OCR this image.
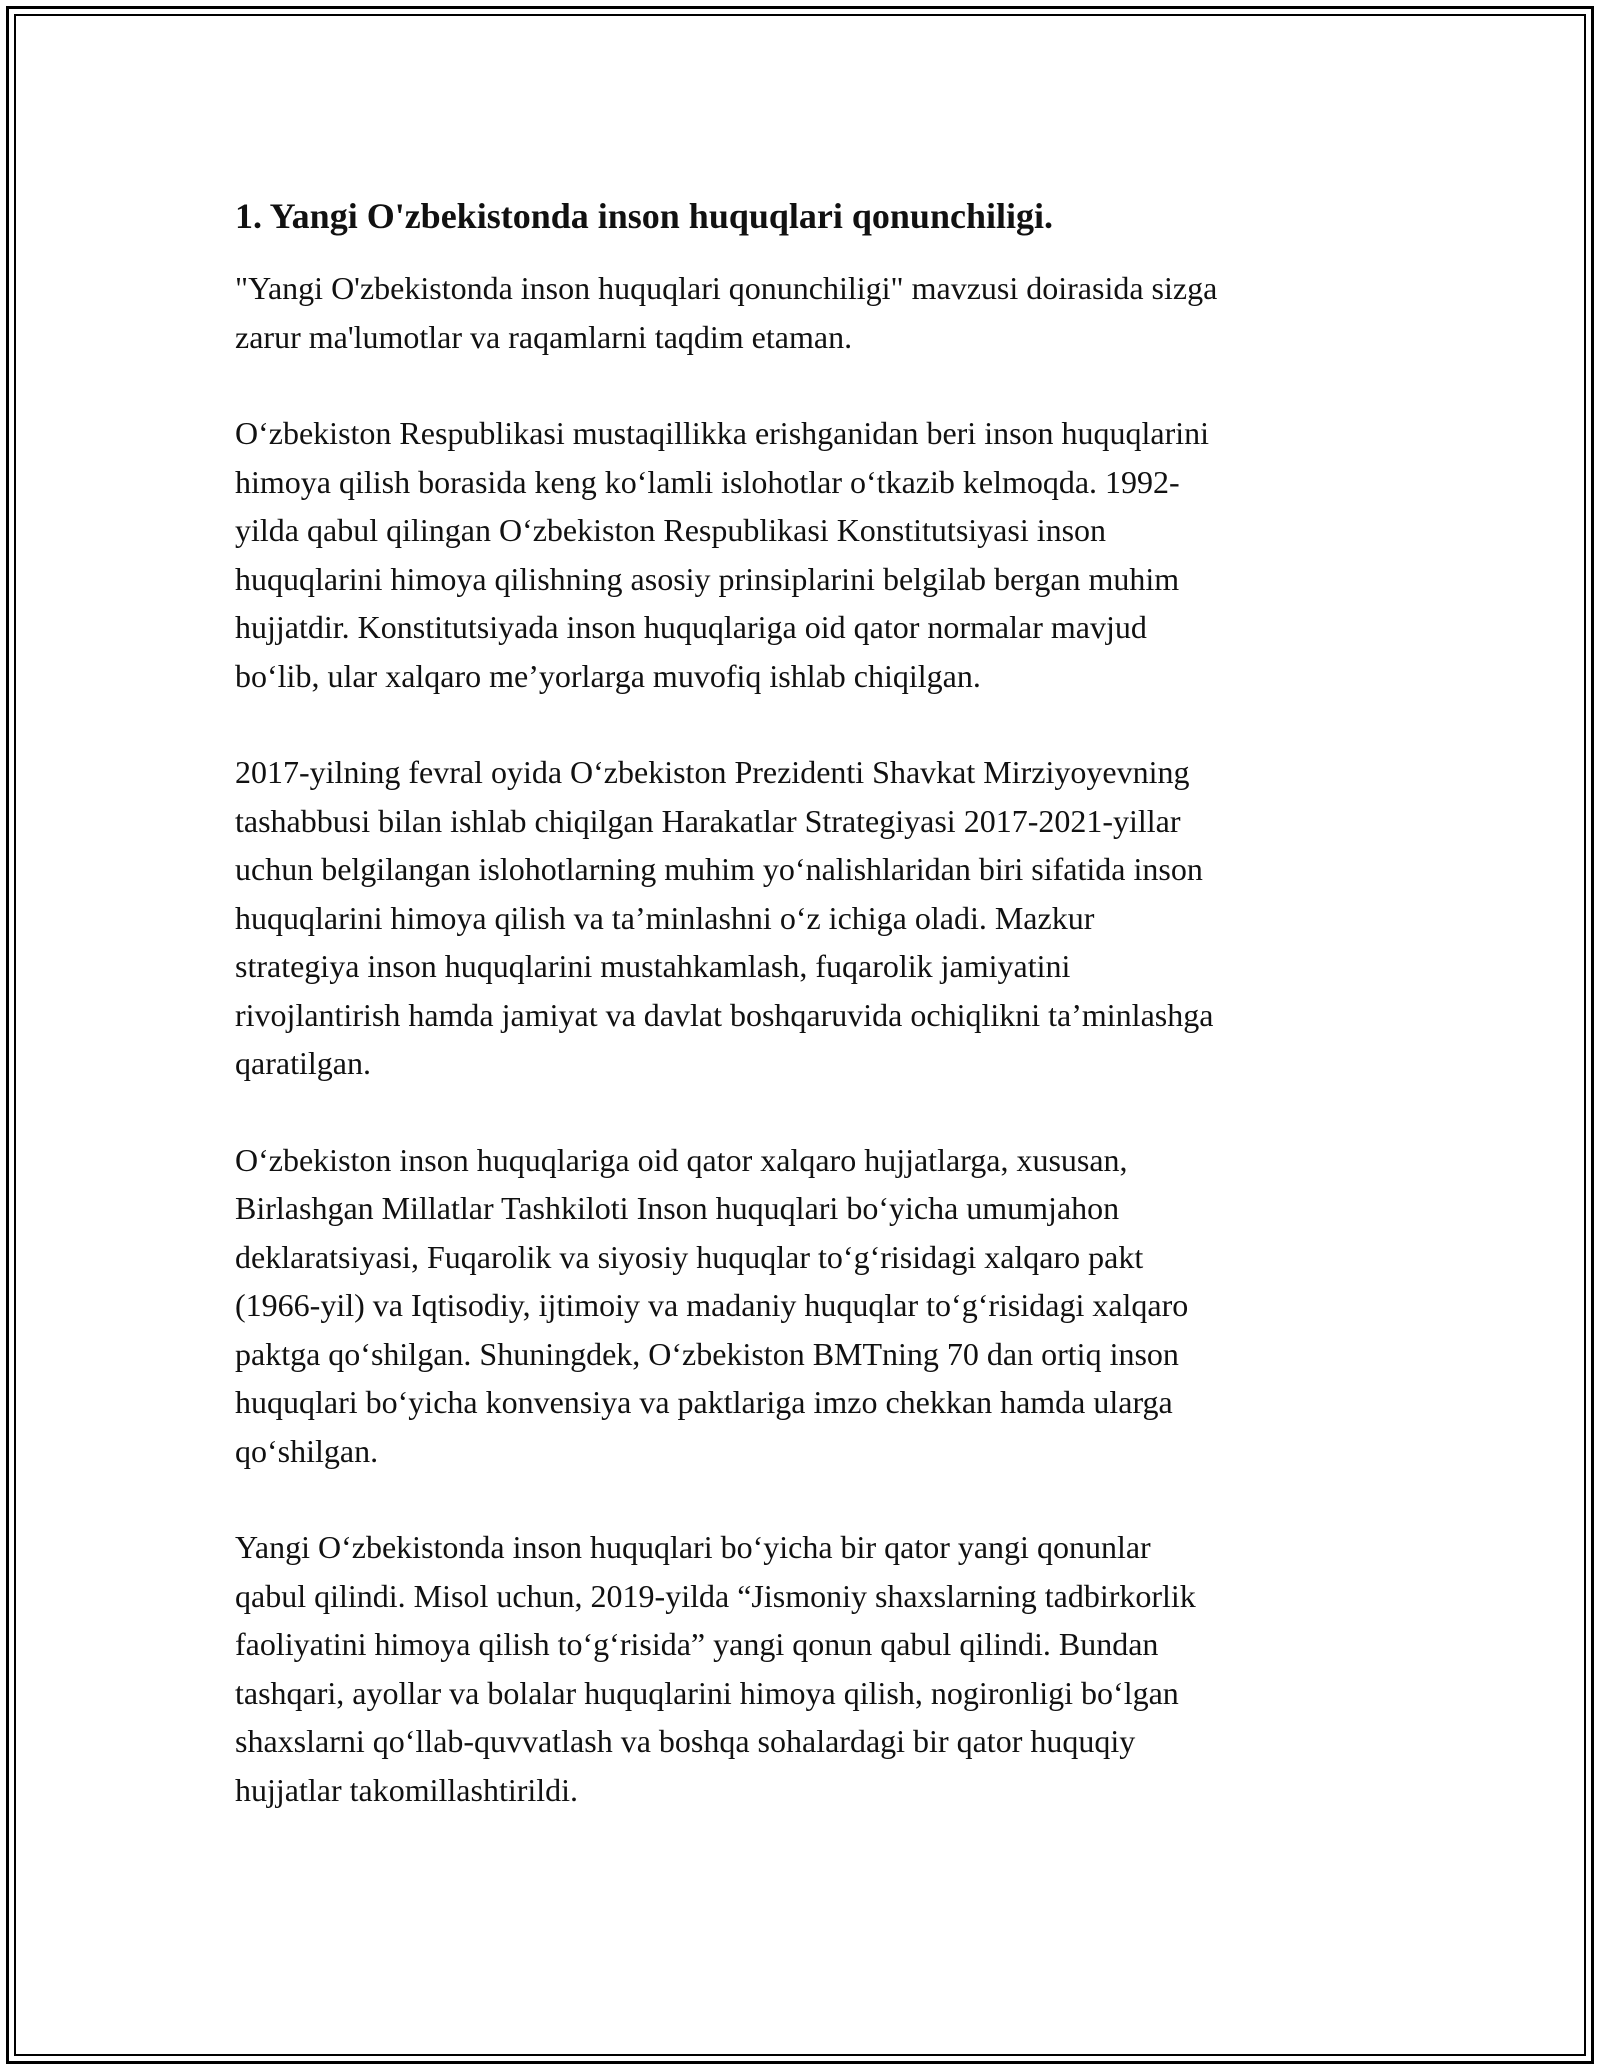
1. Yangi O'zbekistonda inson huquqlari qonunchiligi.

"Yangi O'zbekistonda inson huquqlari qonunchiligi" mavzusi doirasida sizga
zarur ma'lumotlar va raqamlarni taqdim etaman.

O‘zbekiston Respublikasi mustaqillikka erishganidan beri inson huquqlarini
himoya qilish borasida keng ko‘lamli islohotlar o‘tkazib kelmoqda. 1992-
yilda qabul qilingan O‘zbekiston Respublikasi Konstitutsiyasi inson
huquqlarini himoya qilishning asosiy prinsiplarini belgilab bergan muhim
hujjatdir. Konstitutsiyada inson huquqlariga oid qator normalar mavjud
bo‘lib, ular xalqaro me’yorlarga muvofiq ishlab chiqilgan.

2017-yilning fevral oyida O‘zbekiston Prezidenti Shavkat Mirziyoyevning
tashabbusi bilan ishlab chiqilgan Harakatlar Strategiyasi 2017-2021-yillar
uchun belgilangan islohotlarning muhim yo‘nalishlaridan biri sifatida inson
huquqlarini himoya qilish va ta’minlashni o‘z ichiga oladi. Mazkur
strategiya inson huquqlarini mustahkamlash, fuqarolik jamiyatini
rivojlantirish hamda jamiyat va davlat boshqaruvida ochiqlikni ta’minlashga
qaratilgan.

O‘zbekiston inson huquqlariga oid qator xalqaro hujjatlarga, xususan,
Birlashgan Millatlar Tashkiloti Inson huquqlari bo‘yicha umumjahon
deklaratsiyasi, Fuqarolik va siyosiy huquqlar to‘g‘risidagi xalqaro pakt
(1966-yil) va Iqtisodiy, ijtimoiy va madaniy huquqlar to‘g‘risidagi xalqaro
paktga qo‘shilgan. Shuningdek, O‘zbekiston BMTning 70 dan ortiq inson
huquqlari bo‘yicha konvensiya va paktlariga imzo chekkan hamda ularga
qo‘shilgan.

Yangi O‘zbekistonda inson huquqlari bo‘yicha bir qator yangi qonunlar
qabul qilindi. Misol uchun, 2019-yilda “Jismoniy shaxslarning tadbirkorlik
faoliyatini himoya qilish to‘g‘risida” yangi qonun qabul qilindi. Bundan
tashqari, ayollar va bolalar huquqlarini himoya qilish, nogironligi bo‘lgan
shaxslarni qo‘llab-quvvatlash va boshqa sohalardagi bir qator huquqiy
hujjatlar takomillashtirildi.
